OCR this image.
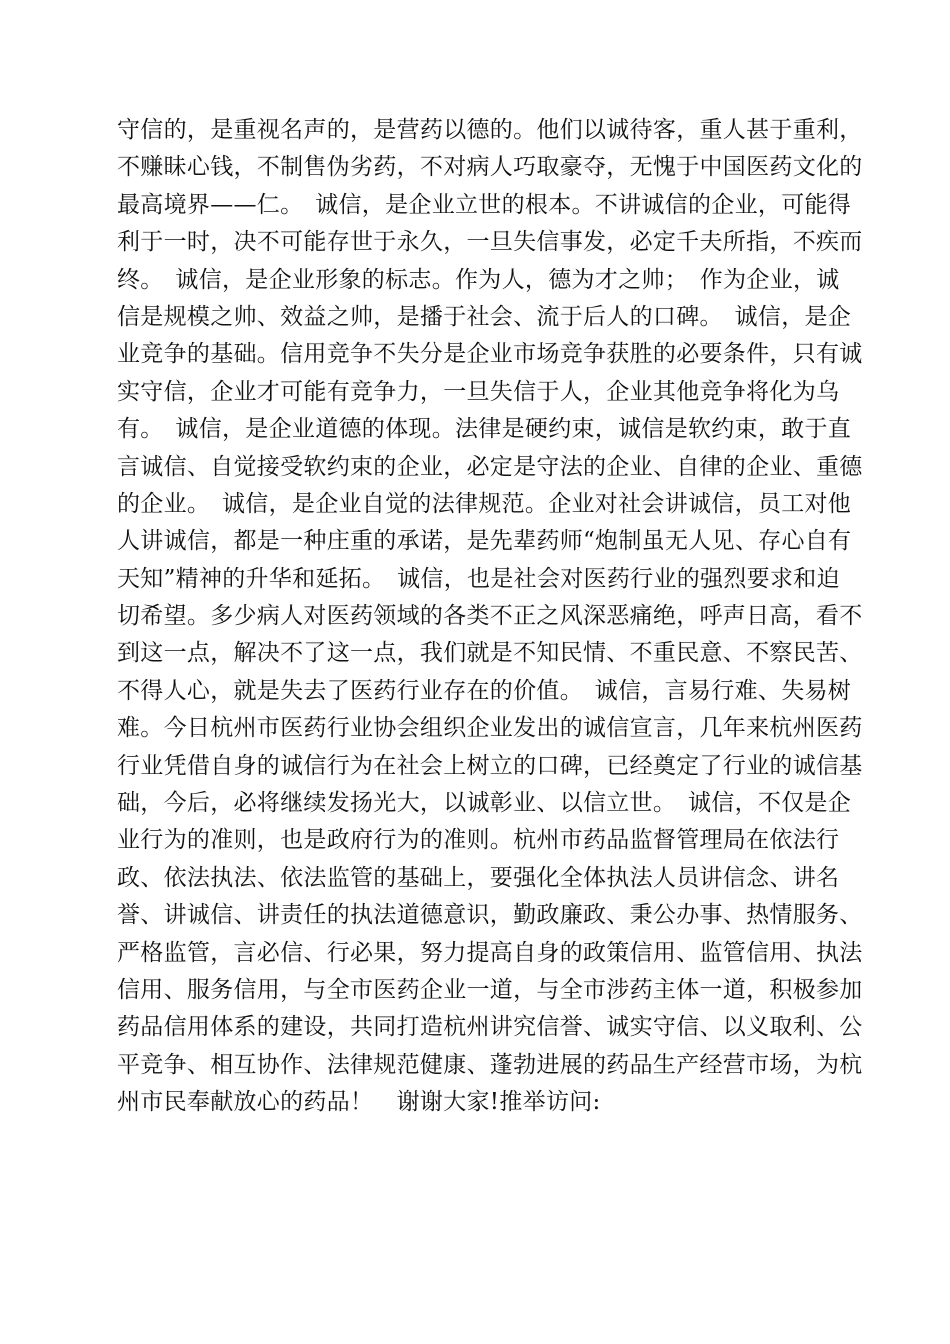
守信的，是重视名声的，是营药以德的。他们以诚待客，重人甚于重利，
不赚昧心钱，不制售伪劣药，不对病人巧取豪夺，无愧于中国医药文化的
最高境界——仁。　诚信，是企业立世的根本。不讲诚信的企业，可能得
利于一时，决不可能存世于永久，一旦失信事发，必定千夫所指，不疾而
终。　诚信，是企业形象的标志。作为人，德为才之帅；　作为企业，诚
信是规模之帅、效益之帅，是播于社会、流于后人的口碑。　诚信，是企
业竞争的基础。信用竞争不失分是企业市场竞争获胜的必要条件，只有诚
实守信，企业才可能有竞争力，一旦失信于人，企业其他竞争将化为乌
有。　诚信，是企业道德的体现。法律是硬约束，诚信是软约束，敢于直
言诚信、自觉接受软约束的企业，必定是守法的企业、自律的企业、重德
的企业。　诚信，是企业自觉的法律规范。企业对社会讲诚信，员工对他
人讲诚信，都是一种庄重的承诺，是先辈药师“炮制虽无人见、存心自有
天知”精神的升华和延拓。　诚信，也是社会对医药行业的强烈要求和迫
切希望。多少病人对医药领域的各类不正之风深恶痛绝，呼声日高，看不
到这一点，解决不了这一点，我们就是不知民情、不重民意、不察民苦、
不得人心，就是失去了医药行业存在的价值。　诚信，言易行难、失易树
难。今日杭州市医药行业协会组织企业发出的诚信宣言，几年来杭州医药
行业凭借自身的诚信行为在社会上树立的口碑，已经奠定了行业的诚信基
础，今后，必将继续发扬光大，以诚彰业、以信立世。　诚信，不仅是企
业行为的准则，也是政府行为的准则。杭州市药品监督管理局在依法行
政、依法执法、依法监管的基础上，要强化全体执法人员讲信念、讲名
誉、讲诚信、讲责任的执法道德意识，勤政廉政、秉公办事、热情服务、
严格监管，言必信、行必果，努力提高自身的政策信用、监管信用、执法
信用、服务信用，与全市医药企业一道，与全市涉药主体一道，积极参加
药品信用体系的建设，共同打造杭州讲究信誉、诚实守信、以义取利、公
平竞争、相互协作、法律规范健康、蓬勃进展的药品生产经营市场，为杭
州市民奉献放心的药品！　谢谢大家!推举访问:
